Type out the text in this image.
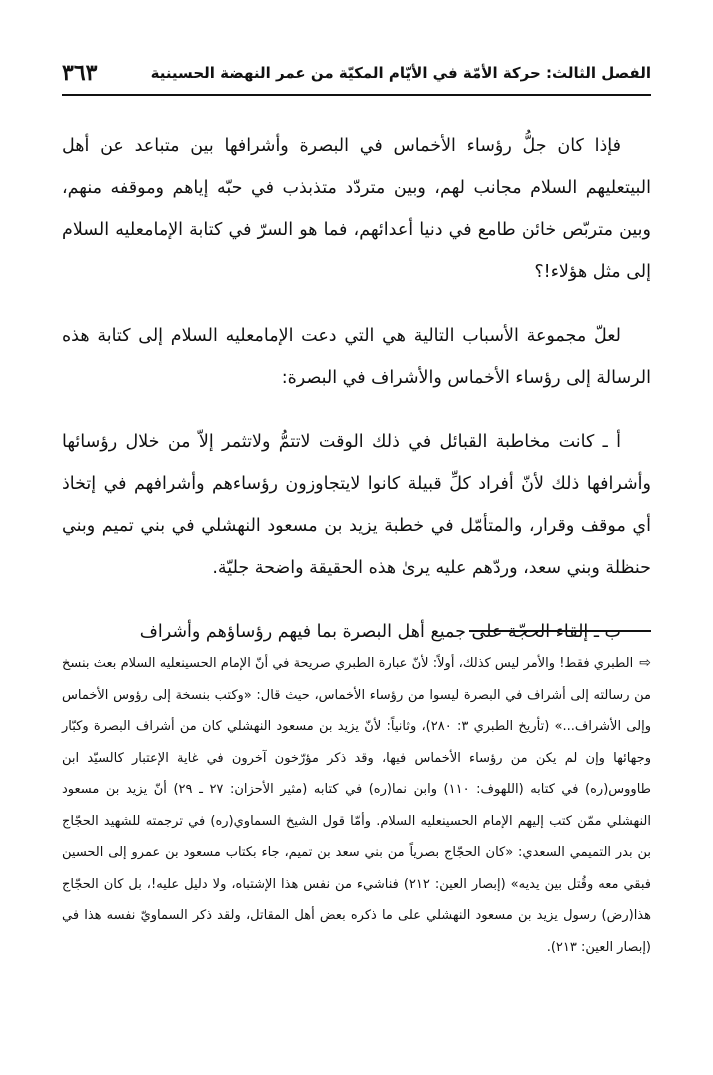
٣٦٣	الفصل الثالث: حركة الأمّة في الأيّام المكيّة من عمر النهضة الحسينية

فإذا كان جلُّ رؤساء الأخماس في البصرة وأشرافها بين متباعد عن أهل البيتعليهم السلام مجانب لهم، وبين متردّد متذبذب في حبّه إياهم وموقفه منهم، وبين متربّص خائن طامع في دنيا أعدائهم، فما هو السرّ في كتابة الإمامعليه السلام إلى مثل هؤلاء!؟

لعلّ مجموعة الأسباب التالية هي التي دعت الإمامعليه السلام إلى كتابة هذه الرسالة إلى رؤساء الأخماس والأشراف في البصرة:

أ ـ كانت مخاطبة القبائل في ذلك الوقت لاتتمُّ ولاتثمر إلاّ من خلال رؤسائها وأشرافها ذلك لأنّ أفراد كلِّ قبيلة كانوا لايتجاوزون رؤساءهم وأشرافهم في إتخاذ أي موقف وقرار، والمتأمّل في خطبة يزيد بن مسعود النهشلي في بني تميم وبني حنظلة وبني سعد، وردّهم عليه يرىٰ هذه الحقيقة واضحة جليّة.

ب ـ إلقاء الحجّة على جميع أهل البصرة بما فيهم رؤساؤهم وأشراف

⇨الطبري فقط! والأمر ليس كذلك، أولاً: لأنّ عبارة الطبري صريحة في أنّ الإمام الحسينعليه السلام بعث بنسخ من رسالته إلى أشراف في البصرة ليسوا من رؤساء الأخماس، حيث قال: «وكتب بنسخة إلى رؤوس الأخماس وإلى الأشراف...» (تأريخ الطبري ٣: ٢٨٠)، وثانياً: لأنّ يزيد بن مسعود النهشلي كان من أشراف البصرة وكبّار وجهائها وإن لم يكن من رؤساء الأخماس فيها، وقد ذكر مؤرّخون آخرون في غاية الإعتبار كالسيّد ابن طاووس(ره) في كتابه (اللهوف: ١١٠) وابن نما(ره) في كتابه (مثير الأحزان: ٢٧ ـ ٢٩) أنّ يزيد بن مسعود النهشلي ممّن كتب إليهم الإمام الحسينعليه السلام. وأمّا قول الشيخ السماوي(ره) في ترجمته للشهيد الحجّاج بن بدر التميمي السعدي: «كان الحجّاج بصرياً من بني سعد بن تميم، جاء بكتاب مسعود بن عمرو إلى الحسين فبقي معه وقُتل بين يديه» (إبصار العين: ٢١٢) فناشيء من نفس هذا الإشتباه، ولا دليل عليه!، بل كان الحجّاج هذا(رض) رسول يزيد بن مسعود النهشلي على ما ذكره بعض أهل المقاتل، ولقد ذكر السماويّ نفسه هذا في (إبصار العين: ٢١٣).
